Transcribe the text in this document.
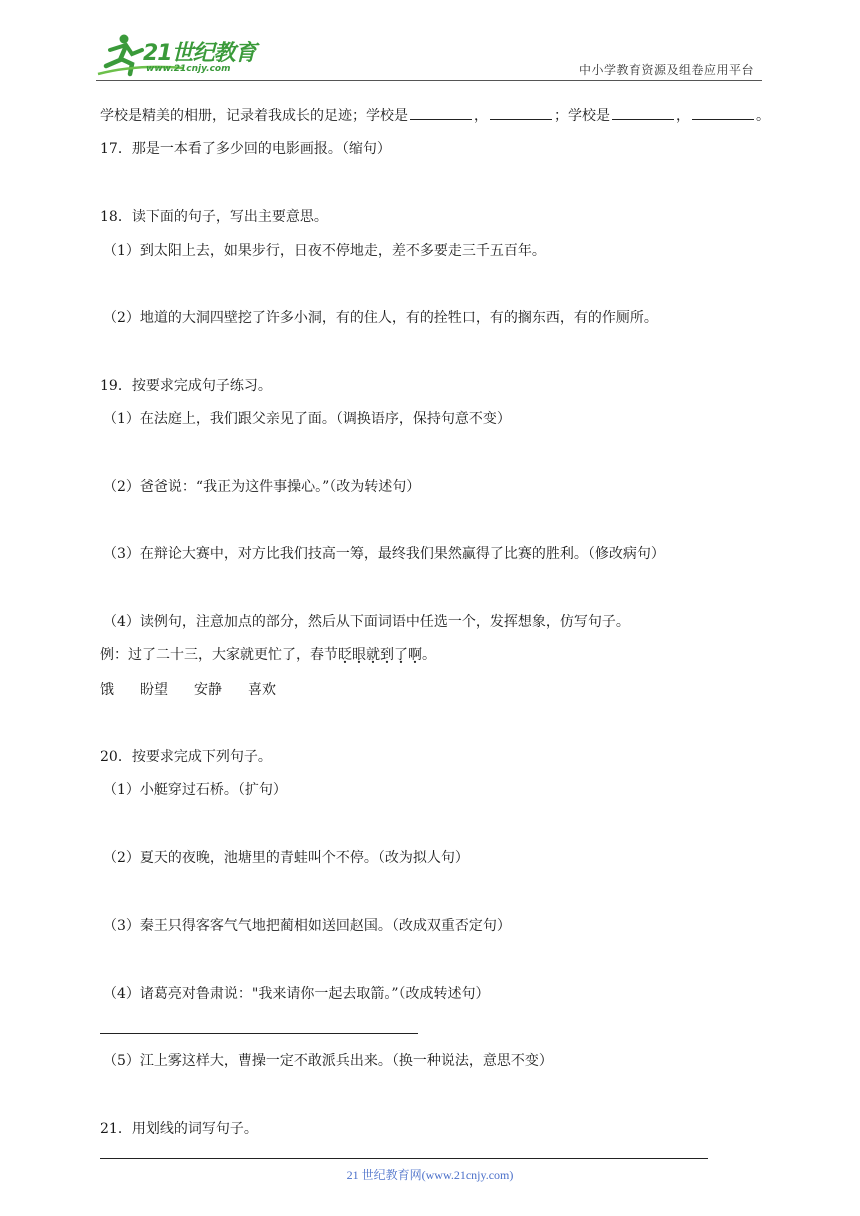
21世纪教育
www.21cnjy.com	中小学教育资源及组卷应用平台
学校是精美的相册，记录着我成长的足迹；学校是	，	；学校是	，	。
17．那是一本看了多少回的电影画报。（缩句）
18．读下面的句子，写出主要意思。
（1）到太阳上去，如果步行，日夜不停地走，差不多要走三千五百年。
（2）地道的大洞四壁挖了许多小洞，有的住人，有的拴牲口，有的搁东西，有的作厕所。
19．按要求完成句子练习。
（1）在法庭上，我们跟父亲见了面。（调换语序，保持句意不变）
（2）爸爸说：“我正为这件事操心。”（改为转述句）
（3）在辩论大赛中，对方比我们技高一筹，最终我们果然赢得了比赛的胜利。（修改病句）
（4）读例句，注意加点的部分，然后从下面词语中任选一个，发挥想象，仿写句子。
例：过了二十三，大家就更忙了，春节眨眼就到了啊。
饿 盼望 安静 喜欢
20．按要求完成下列句子。
（1）小艇穿过石桥。（扩句）
（2）夏天的夜晚，池塘里的青蛙叫个不停。（改为拟人句）
（3）秦王只得客客气气地把蔺相如送回赵国。（改成双重否定句）
（4）诸葛亮对鲁肃说："我来请你一起去取箭。”（改成转述句）
（5）江上雾这样大，曹操一定不敢派兵出来。（换一种说法，意思不变）
21．用划线的词写句子。
21 世纪教育网(www.21cnjy.com)
